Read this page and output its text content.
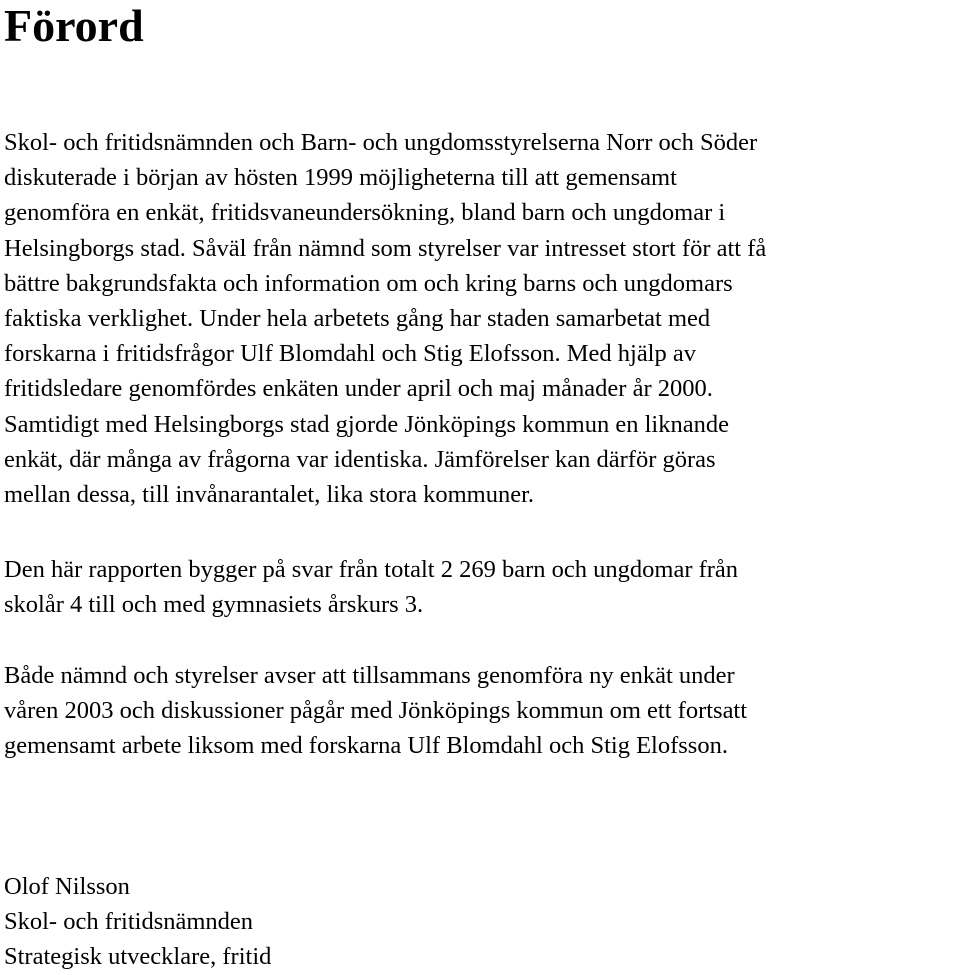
Förord

Skol- och fritidsnämnden och Barn- och ungdomsstyrelserna Norr och Söder
diskuterade i början av hösten 1999 möjligheterna till att gemensamt
genomföra en enkät, fritidsvaneundersökning, bland barn och ungdomar i
Helsingborgs stad. Såväl från nämnd som styrelser var intresset stort för att få
bättre bakgrundsfakta och information om och kring barns och ungdomars
faktiska verklighet. Under hela arbetets gång har staden samarbetat med
forskarna i fritidsfrågor Ulf Blomdahl och Stig Elofsson. Med hjälp av
fritidsledare genomfördes enkäten under april och maj månader år 2000.
Samtidigt med Helsingborgs stad gjorde Jönköpings kommun en liknande
enkät, där många av frågorna var identiska. Jämförelser kan därför göras
mellan dessa, till invånarantalet, lika stora kommuner.

Den här rapporten bygger på svar från totalt 2 269 barn och ungdomar från
skolår 4 till och med gymnasiets årskurs 3.

Både nämnd och styrelser avser att tillsammans genomföra ny enkät under
våren 2003 och diskussioner pågår med Jönköpings kommun om ett fortsatt
gemensamt arbete liksom med forskarna Ulf Blomdahl och Stig Elofsson.

Olof Nilsson
Skol- och fritidsnämnden
Strategisk utvecklare, fritid
